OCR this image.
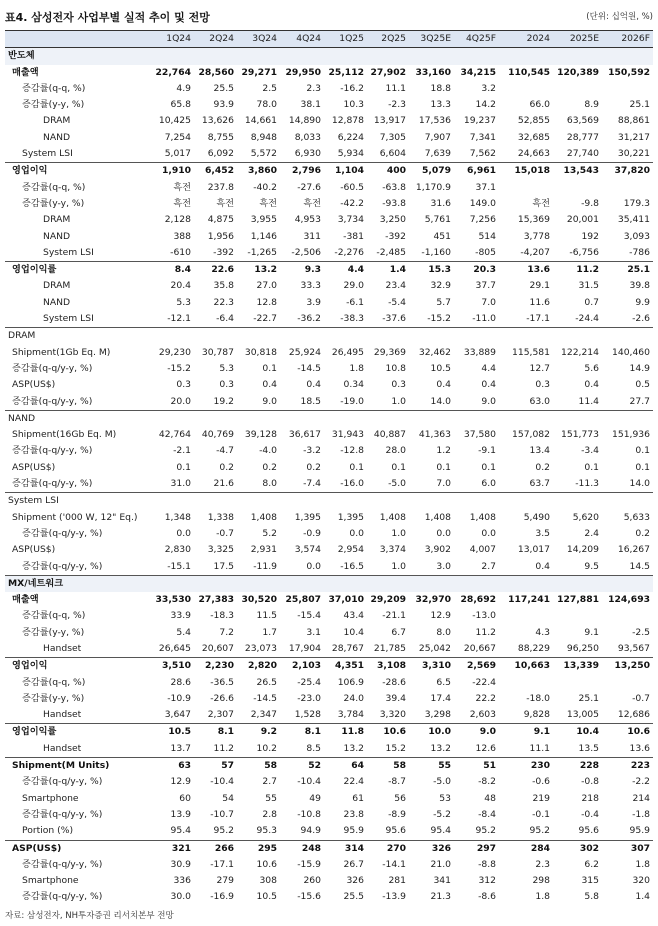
표4. 삼성전자 사업부별 실적 추이 및 전망	(단위: 십억원, %)
	1Q24	2Q24	3Q24	4Q24	1Q25	2Q25	3Q25E	4Q25F	2024	2025E	2026F
반도체											
매출액	22,764	28,560	29,271	29,950	25,112	27,902	33,160	34,215	110,545	120,389	150,592
증감률(q-q, %)	4.9	25.5	2.5	2.3	-16.2	11.1	18.8	3.2			
증감률(y-y, %)	65.8	93.9	78.0	38.1	10.3	-2.3	13.3	14.2	66.0	8.9	25.1
DRAM	10,425	13,626	14,661	14,890	12,878	13,917	17,536	19,237	52,855	63,569	88,861
NAND	7,254	8,755	8,948	8,033	6,224	7,305	7,907	7,341	32,685	28,777	31,217
System LSI	5,017	6,092	5,572	6,930	5,934	6,604	7,639	7,562	24,663	27,740	30,221
영업이익	1,910	6,452	3,860	2,796	1,104	400	5,079	6,961	15,018	13,543	37,820
증감률(q-q, %)	흑전	237.8	-40.2	-27.6	-60.5	-63.8	1,170.9	37.1			
증감률(y-y, %)	흑전	흑전	흑전	흑전	-42.2	-93.8	31.6	149.0	흑전	-9.8	179.3
DRAM	2,128	4,875	3,955	4,953	3,734	3,250	5,761	7,256	15,369	20,001	35,411
NAND	388	1,956	1,146	311	-381	-392	451	514	3,778	192	3,093
System LSI	-610	-392	-1,265	-2,506	-2,276	-2,485	-1,160	-805	-4,207	-6,756	-786
영업이익률	8.4	22.6	13.2	9.3	4.4	1.4	15.3	20.3	13.6	11.2	25.1
DRAM	20.4	35.8	27.0	33.3	29.0	23.4	32.9	37.7	29.1	31.5	39.8
NAND	5.3	22.3	12.8	3.9	-6.1	-5.4	5.7	7.0	11.6	0.7	9.9
System LSI	-12.1	-6.4	-22.7	-36.2	-38.3	-37.6	-15.2	-11.0	-17.1	-24.4	-2.6
DRAM											
Shipment(1Gb Eq. M)	29,230	30,787	30,818	25,924	26,495	29,369	32,462	33,889	115,581	122,214	140,460
증감률(q-q/y-y, %)	-15.2	5.3	0.1	-14.5	1.8	10.8	10.5	4.4	12.7	5.6	14.9
ASP(US$)	0.3	0.3	0.4	0.4	0.34	0.3	0.4	0.4	0.3	0.4	0.5
증감률(q-q/y-y, %)	20.0	19.2	9.0	18.5	-19.0	1.0	14.0	9.0	63.0	11.4	27.7
NAND											
Shipment(16Gb Eq. M)	42,764	40,769	39,128	36,617	31,943	40,887	41,363	37,580	157,082	151,773	151,936
증감률(q-q/y-y, %)	-2.1	-4.7	-4.0	-3.2	-12.8	28.0	1.2	-9.1	13.4	-3.4	0.1
ASP(US$)	0.1	0.2	0.2	0.2	0.1	0.1	0.1	0.1	0.2	0.1	0.1
증감률(q-q/y-y, %)	31.0	21.6	8.0	-7.4	-16.0	-5.0	7.0	6.0	63.7	-11.3	14.0
System LSI											
Shipment ('000 W, 12" Eq.)	1,348	1,338	1,408	1,395	1,395	1,408	1,408	1,408	5,490	5,620	5,633
증감률(q-q/y-y, %)	0.0	-0.7	5.2	-0.9	0.0	1.0	0.0	0.0	3.5	2.4	0.2
ASP(US$)	2,830	3,325	2,931	3,574	2,954	3,374	3,902	4,007	13,017	14,209	16,267
증감률(q-q/y-y, %)	-15.1	17.5	-11.9	0.0	-16.5	1.0	3.0	2.7	0.4	9.5	14.5
MX/네트워크											
매출액	33,530	27,383	30,520	25,807	37,010	29,209	32,970	28,692	117,241	127,881	124,693
증감률(q-q, %)	33.9	-18.3	11.5	-15.4	43.4	-21.1	12.9	-13.0			
증감률(y-y, %)	5.4	7.2	1.7	3.1	10.4	6.7	8.0	11.2	4.3	9.1	-2.5
Handset	26,645	20,607	23,073	17,904	28,767	21,785	25,042	20,667	88,229	96,250	93,567
영업이익	3,510	2,230	2,820	2,103	4,351	3,108	3,310	2,569	10,663	13,339	13,250
증감률(q-q, %)	28.6	-36.5	26.5	-25.4	106.9	-28.6	6.5	-22.4			
증감률(y-y, %)	-10.9	-26.6	-14.5	-23.0	24.0	39.4	17.4	22.2	-18.0	25.1	-0.7
Handset	3,647	2,307	2,347	1,528	3,784	3,320	3,298	2,603	9,828	13,005	12,686
영업이익률	10.5	8.1	9.2	8.1	11.8	10.6	10.0	9.0	9.1	10.4	10.6
Handset	13.7	11.2	10.2	8.5	13.2	15.2	13.2	12.6	11.1	13.5	13.6
Shipment(M Units)	63	57	58	52	64	58	55	51	230	228	223
증감률(q-q/y-y, %)	12.9	-10.4	2.7	-10.4	22.4	-8.7	-5.0	-8.2	-0.6	-0.8	-2.2
Smartphone	60	54	55	49	61	56	53	48	219	218	214
증감률(q-q/y-y, %)	13.9	-10.7	2.8	-10.8	23.8	-8.9	-5.2	-8.4	-0.1	-0.4	-1.8
Portion (%)	95.4	95.2	95.3	94.9	95.9	95.6	95.4	95.2	95.2	95.6	95.9
ASP(US$)	321	266	295	248	314	270	326	297	284	302	307
증감률(q-q/y-y, %)	30.9	-17.1	10.6	-15.9	26.7	-14.1	21.0	-8.8	2.3	6.2	1.8
Smartphone	336	279	308	260	326	281	341	312	298	315	320
증감률(q-q/y-y, %)	30.0	-16.9	10.5	-15.6	25.5	-13.9	21.3	-8.6	1.8	5.8	1.4
자료: 삼성전자, NH투자증권 리서치본부 전망
